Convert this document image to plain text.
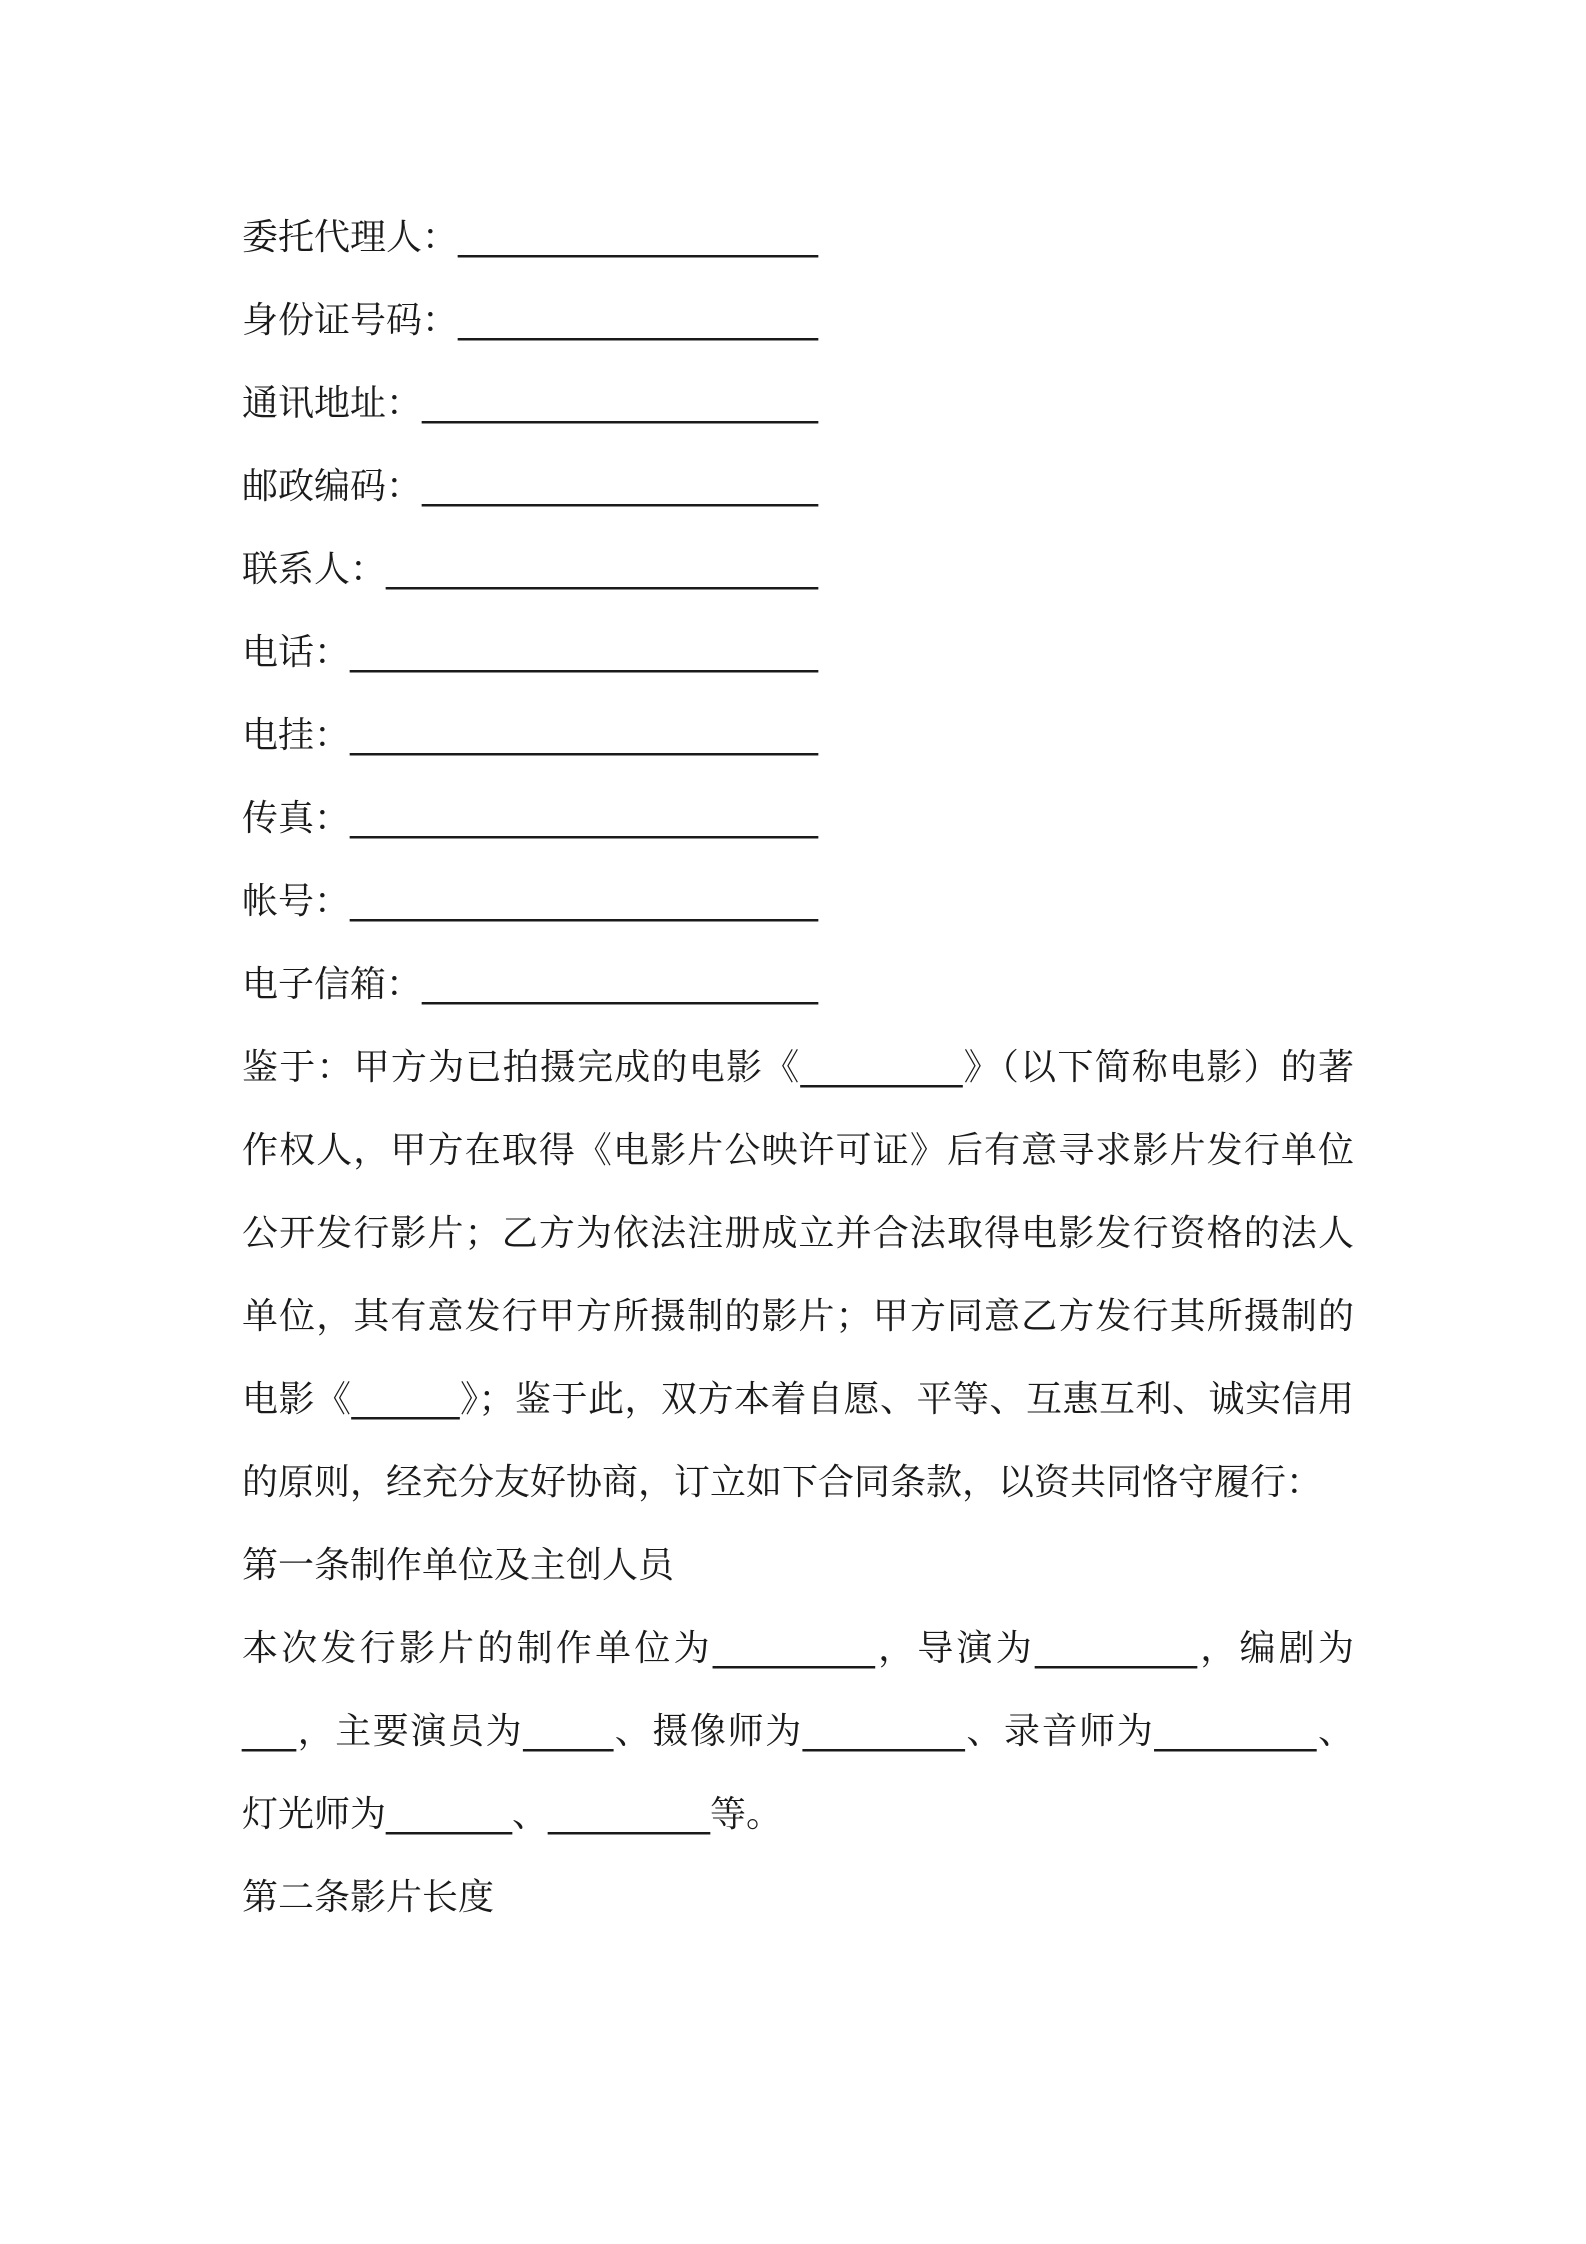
委托代理人：____________________
身份证号码：____________________
通讯地址：______________________
邮政编码：______________________
联系人：________________________
电话：__________________________
电挂：__________________________
传真：__________________________
帐号：__________________________
电子信箱：______________________

鉴于：甲方为已拍摄完成的电影《_________》（以下简称电影）的著作权人，甲方在取得《电影片公映许可证》后有意寻求影片发行单位公开发行影片；乙方为依法注册成立并合法取得电影发行资格的法人单位，其有意发行甲方所摄制的影片；甲方同意乙方发行其所摄制的电影《______》；鉴于此，双方本着自愿、平等、互惠互利、诚实信用的原则，经充分友好协商，订立如下合同条款，以资共同恪守履行：

第一条制作单位及主创人员

本次发行影片的制作单位为_________，导演为_________，编剧为 ___，主要演员为_____、摄像师为_________、录音师为_________、灯光师为_______、_________等。

第二条影片长度
